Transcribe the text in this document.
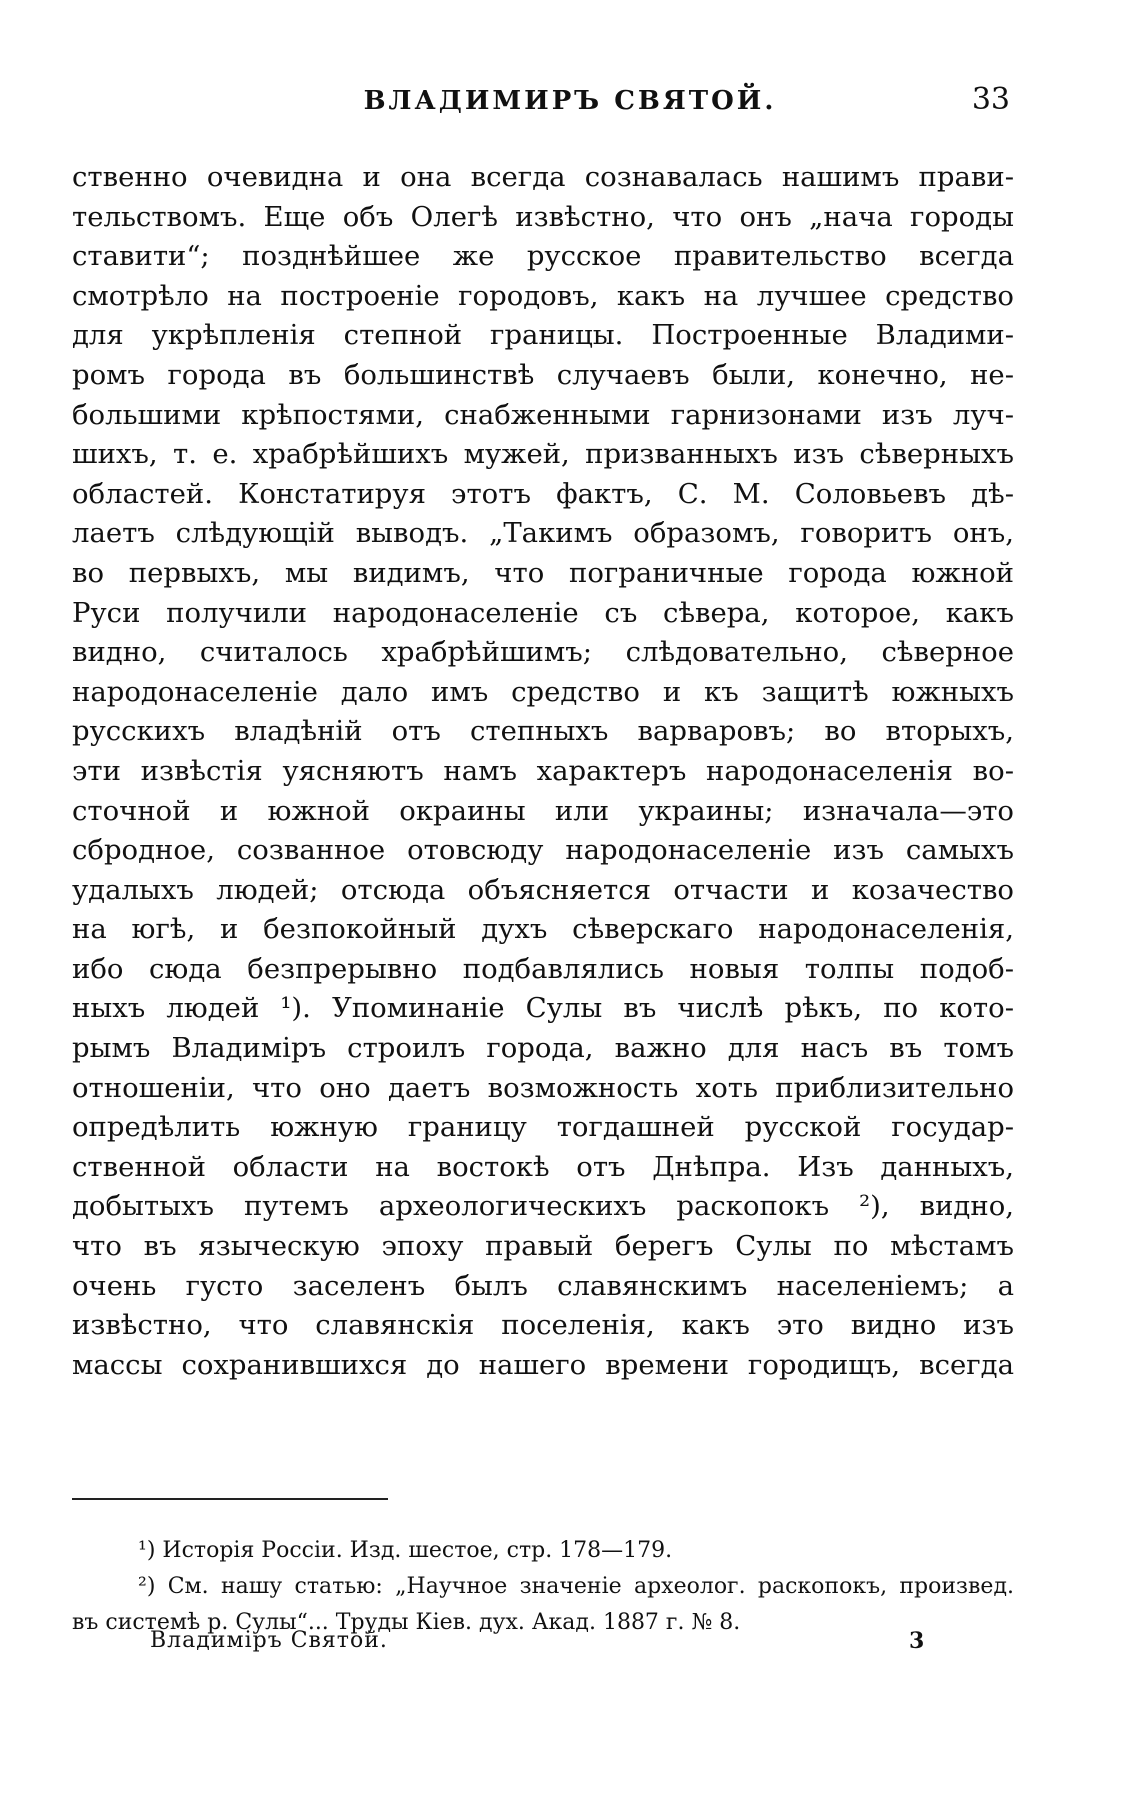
ВЛАДИМИРЪ СВЯТОЙ.	33
ственно очевидна и она всегда сознавалась нашимъ прави-
тельствомъ. Еще объ Олегѣ извѣстно, что онъ „нача городы
ставити“; позднѣйшее же русское правительство всегда
смотрѣло на построеніе городовъ, какъ на лучшее средство
для укрѣпленія степной границы. Построенные Владими-
ромъ города въ большинствѣ случаевъ были, конечно, не-
большими крѣпостями, снабженными гарнизонами изъ луч-
шихъ, т. е. храбрѣйшихъ мужей, призванныхъ изъ сѣверныхъ
областей. Констатируя этотъ фактъ, С. М. Соловьевъ дѣ-
лаетъ слѣдующій выводъ. „Такимъ образомъ, говоритъ онъ,
во первыхъ, мы видимъ, что пограничные города южной
Руси получили народонаселеніе съ сѣвера, которое, какъ
видно, считалось храбрѣйшимъ; слѣдовательно, сѣверное
народонаселеніе дало имъ средство и къ защитѣ южныхъ
русскихъ владѣній отъ степныхъ варваровъ; во вторыхъ,
эти извѣстія уясняютъ намъ характеръ народонаселенія во-
сточной и южной окраины или украины; изначала—это
сбродное, созванное отовсюду народонаселеніе изъ самыхъ
удалыхъ людей; отсюда объясняется отчасти и козачество
на югѣ, и безпокойный духъ сѣверскаго народонаселенія,
ибо сюда безпрерывно подбавлялись новыя толпы подоб-
ныхъ людей ¹). Упоминаніе Сулы въ числѣ рѣкъ, по кото-
рымъ Владиміръ строилъ города, важно для насъ въ томъ
отношеніи, что оно даетъ возможность хоть приблизительно
опредѣлить южную границу тогдашней русской государ-
ственной области на востокѣ отъ Днѣпра. Изъ данныхъ,
добытыхъ путемъ археологическихъ раскопокъ ²), видно,
что въ языческую эпоху правый берегъ Сулы по мѣстамъ
очень густо заселенъ былъ славянскимъ населеніемъ; а
извѣстно, что славянскія поселенія, какъ это видно изъ
массы сохранившихся до нашего времени городищъ, всегда
¹) Исторія Россіи. Изд. шестое, стр. 178—179.
²) См. нашу статью: „Научное значеніе археолог. раскопокъ, произвед.
въ системѣ р. Сулы“... Труды Кіев. дух. Акад. 1887 г. № 8.
Владиміръ Святой.	3
